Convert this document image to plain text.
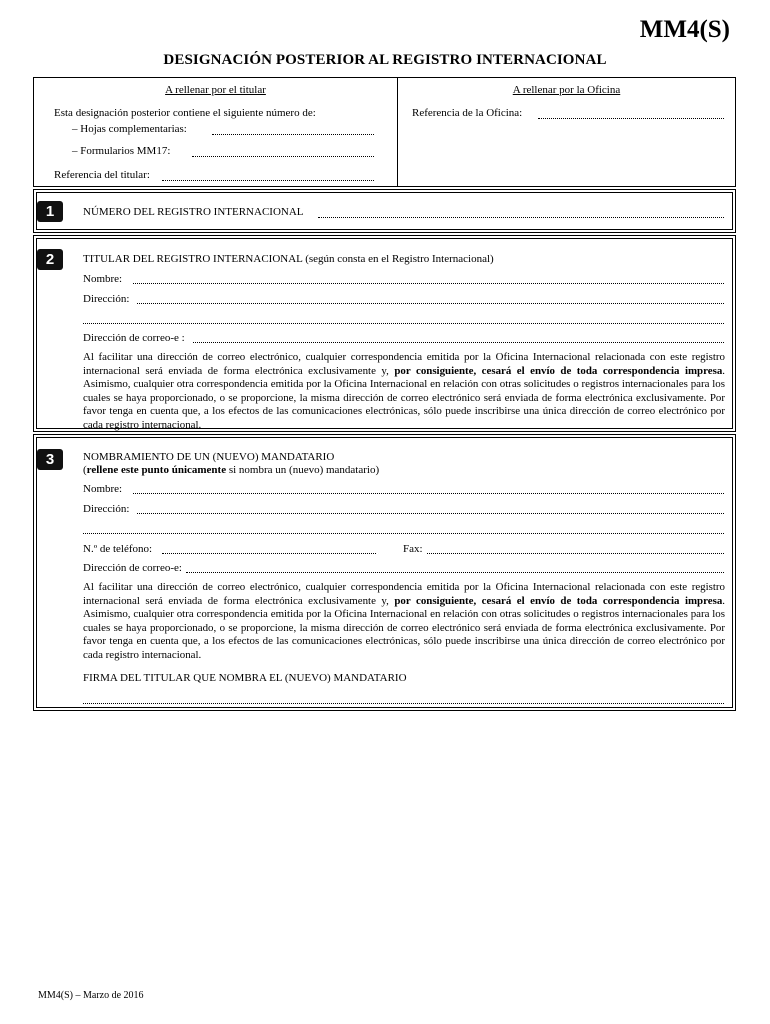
MM4(S)
DESIGNACIÓN POSTERIOR AL REGISTRO INTERNACIONAL
A rellenar por el titular
Esta designación posterior contiene el siguiente número de:
– Hojas complementarias:
– Formularios MM17:
Referencia del titular:
A rellenar por la Oficina
Referencia de la Oficina:
1	NÚMERO DEL REGISTRO INTERNACIONAL
2	TITULAR DEL REGISTRO INTERNACIONAL (según consta en el Registro Internacional)
Nombre:
Dirección:
Dirección de correo-e :
Al facilitar una dirección de correo electrónico, cualquier correspondencia emitida por la Oficina Internacional relacionada con este registro internacional será enviada de forma electrónica exclusivamente y, por consiguiente, cesará el envío de toda correspondencia impresa. Asimismo, cualquier otra correspondencia emitida por la Oficina Internacional en relación con otras solicitudes o registros internacionales para los cuales se haya proporcionado, o se proporcione, la misma dirección de correo electrónico será enviada de forma electrónica exclusivamente. Por favor tenga en cuenta que, a los efectos de las comunicaciones electrónicas, sólo puede inscribirse una única dirección de correo electrónico por cada registro internacional.
3	NOMBRAMIENTO DE UN (NUEVO) MANDATARIO
(rellene este punto únicamente si nombra un (nuevo) mandatario)
Nombre:
Dirección:
N.º de teléfono:	Fax:
Dirección de correo-e:
Al facilitar una dirección de correo electrónico, cualquier correspondencia emitida por la Oficina Internacional relacionada con este registro internacional será enviada de forma electrónica exclusivamente y, por consiguiente, cesará el envío de toda correspondencia impresa. Asimismo, cualquier otra correspondencia emitida por la Oficina Internacional en relación con otras solicitudes o registros internacionales para los cuales se haya proporcionado, o se proporcione, la misma dirección de correo electrónico será enviada de forma electrónica exclusivamente. Por favor tenga en cuenta que, a los efectos de las comunicaciones electrónicas, sólo puede inscribirse una única dirección de correo electrónico por cada registro internacional.
FIRMA DEL TITULAR QUE NOMBRA EL (NUEVO) MANDATARIO
MM4(S) – Marzo de 2016
